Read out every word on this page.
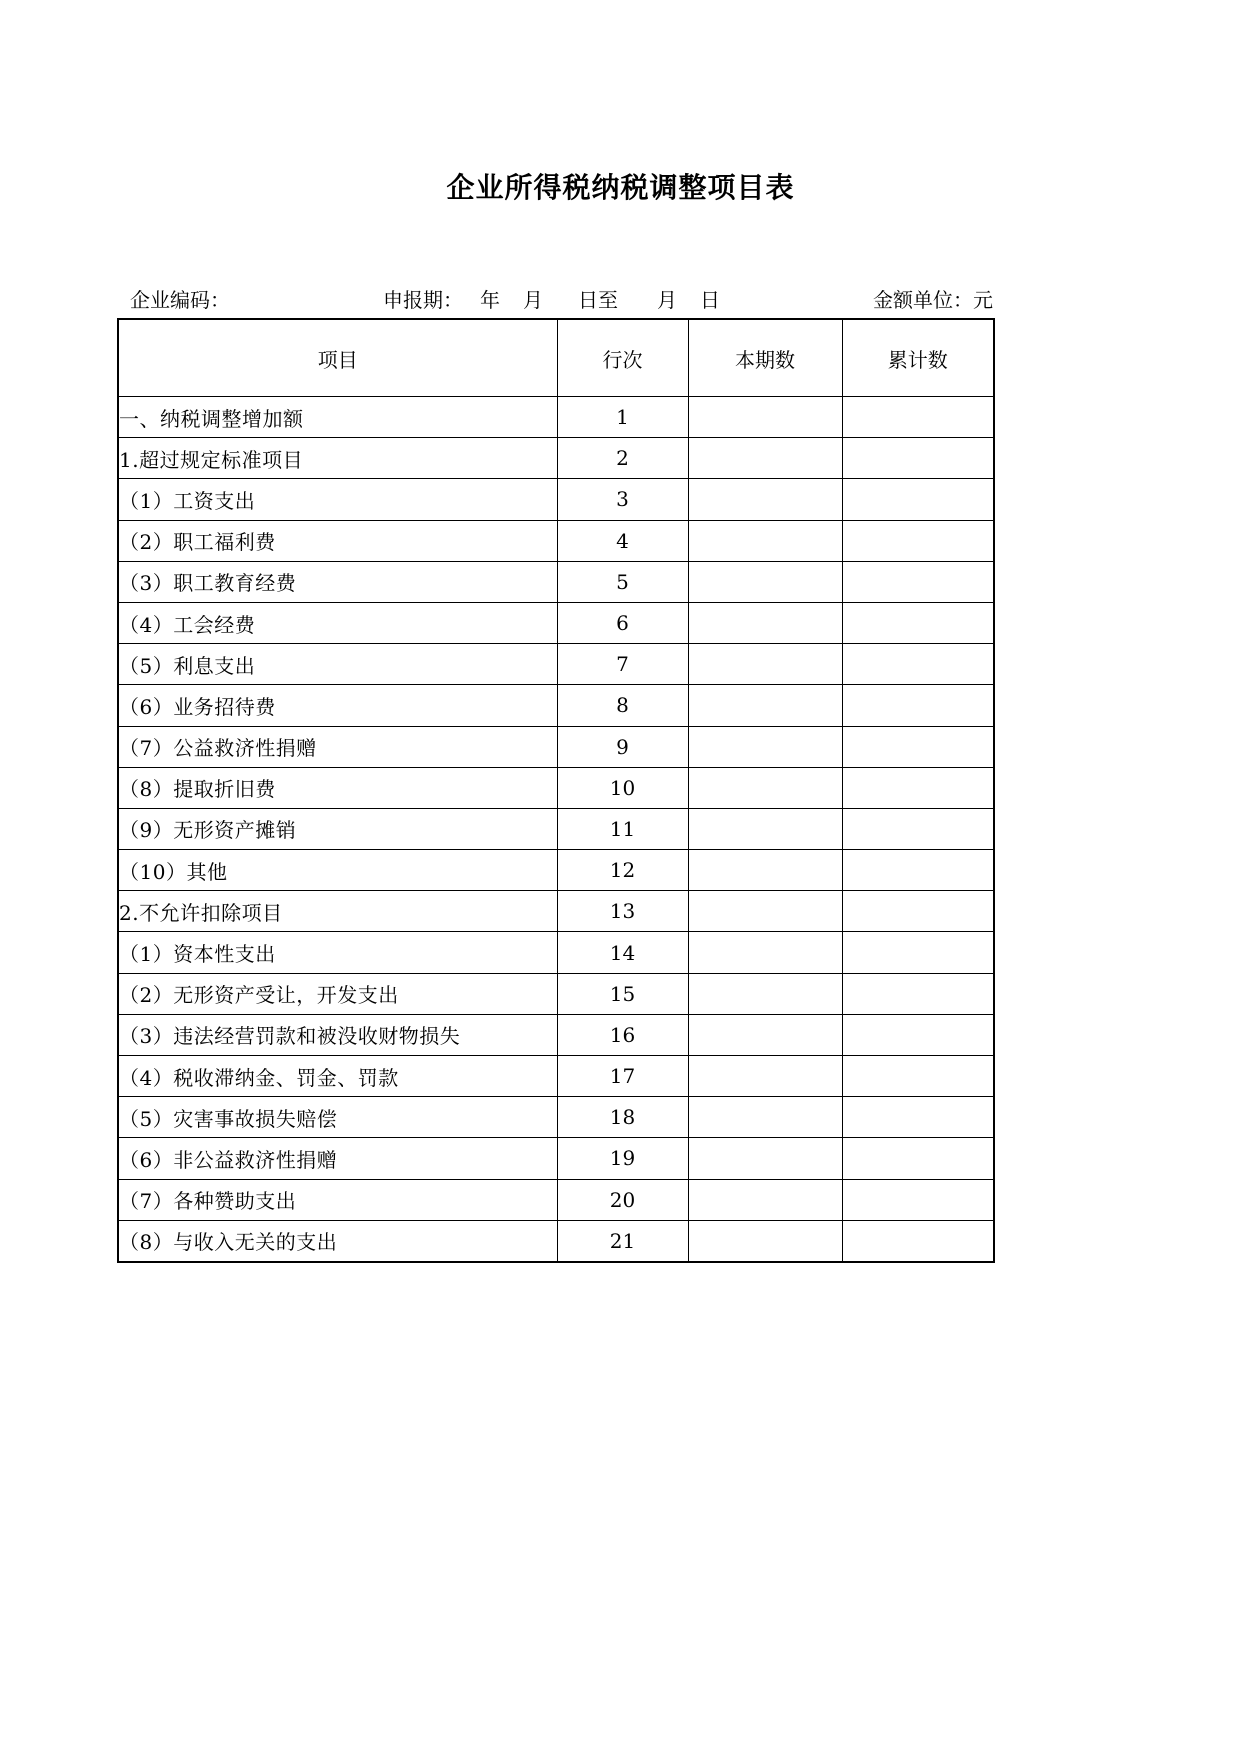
企业所得税纳税调整项目表
企业编码：	申报期： 年 月 日至 月 日	金额单位：元
项目	行次	本期数	累计数
一、纳税调整增加额	1		
1.超过规定标准项目	2		
（1）工资支出	3		
（2）职工福利费	4		
（3）职工教育经费	5		
（4）工会经费	6		
（5）利息支出	7		
（6）业务招待费	8		
（7）公益救济性捐赠	9		
（8）提取折旧费	10		
（9）无形资产摊销	11		
（10）其他	12		
2.不允许扣除项目	13		
（1）资本性支出	14		
（2）无形资产受让，开发支出	15		
（3）违法经营罚款和被没收财物损失	16		
（4）税收滞纳金、罚金、罚款	17		
（5）灾害事故损失赔偿	18		
（6）非公益救济性捐赠	19		
（7）各种赞助支出	20		
（8）与收入无关的支出	21		
